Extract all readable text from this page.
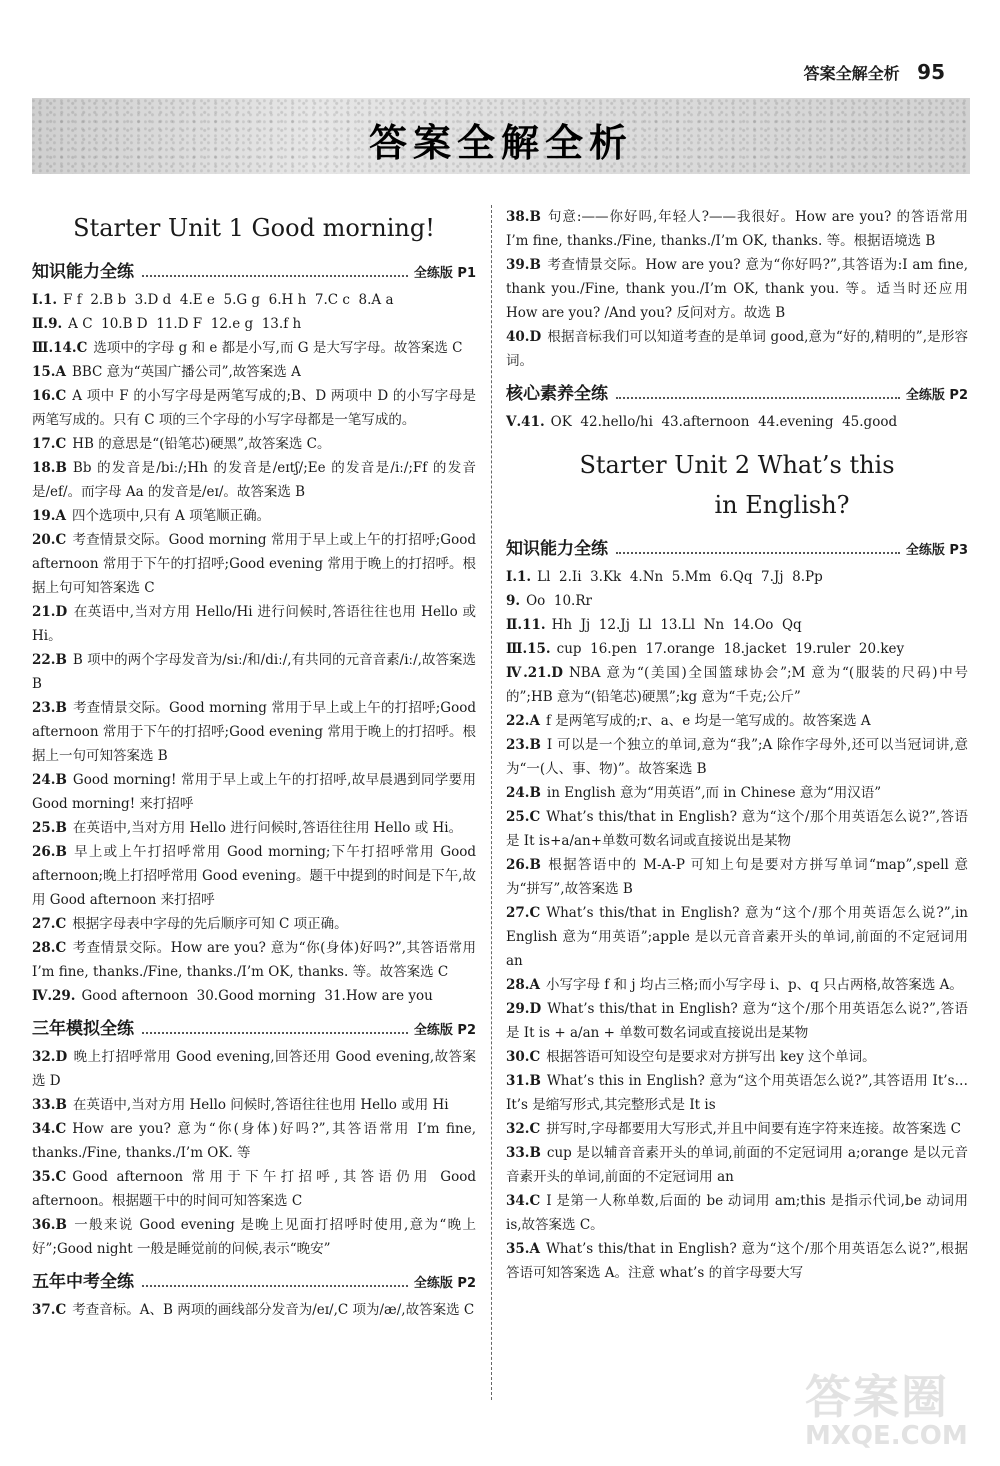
答案全解全析 95
答案全解全析
Starter Unit 1 Good morning!
知识能力全练	全练版 P1
Ⅰ.1. F f  2.B b  3.D d  4.E e  5.G g  6.H h  7.C c  8.A a
Ⅱ.9. A C  10.B D  11.D F  12.e g  13.f h
Ⅲ.14.C 选项中的字母 g 和 e 都是小写,而 G 是大写字母。故答案选 C
15.A BBC 意为“英国广播公司”,故答案选 A
16.C A 项中 F 的小写字母是两笔写成的;B、D 两项中 D 的小写字母是两笔写成的。只有 C 项的三个字母的小写字母都是一笔写成的。
17.C HB 的意思是“(铅笔芯)硬黑”,故答案选 C。
18.B Bb 的发音是/biː/;Hh 的发音是/eɪtʃ/;Ee 的发音是/iː/;Ff 的发音是/ef/。而字母 Aa 的发音是/eɪ/。故答案选 B
19.A 四个选项中,只有 A 项笔顺正确。
20.C 考查情景交际。Good morning 常用于早上或上午的打招呼;Good afternoon 常用于下午的打招呼;Good evening 常用于晚上的打招呼。根据上句可知答案选 C
21.D 在英语中,当对方用 Hello/Hi 进行问候时,答语往往也用 Hello 或 Hi。
22.B B 项中的两个字母发音为/siː/和/diː/,有共同的元音音素/iː/,故答案选 B
23.B 考查情景交际。Good morning 常用于早上或上午的打招呼;Good afternoon 常用于下午的打招呼;Good evening 常用于晚上的打招呼。根据上一句可知答案选 B
24.B Good morning! 常用于早上或上午的打招呼,故早晨遇到同学要用 Good morning! 来打招呼
25.B 在英语中,当对方用 Hello 进行问候时,答语往往用 Hello 或 Hi。
26.B 早上或上午打招呼常用 Good morning;下午打招呼常用 Good afternoon;晚上打招呼常用 Good evening。题干中提到的时间是下午,故用 Good afternoon 来打招呼
27.C 根据字母表中字母的先后顺序可知 C 项正确。
28.C 考查情景交际。How are you? 意为“你(身体)好吗?”,其答语常用 I’m fine, thanks./Fine, thanks./I’m OK, thanks. 等。故答案选 C
Ⅳ.29. Good afternoon  30.Good morning  31.How are you
三年模拟全练	全练版 P2
32.D 晚上打招呼常用 Good evening,回答还用 Good evening,故答案选 D
33.B 在英语中,当对方用 Hello 问候时,答语往往也用 Hello 或用 Hi
34.C How are you? 意为“你(身体)好吗?”,其答语常用 I’m fine, thanks./Fine, thanks./I’m OK. 等
35.C Good afternoon 常用于下午打招呼,其答语仍用 Good afternoon。根据题干中的时间可知答案选 C
36.B 一般来说 Good evening 是晚上见面打招呼时使用,意为“晚上好”;Good night 一般是睡觉前的问候,表示“晚安”
五年中考全练	全练版 P2
37.C 考查音标。A、B 两项的画线部分发音为/eɪ/,C 项为/æ/,故答案选 C
38.B 句意:——你好吗,年轻人?——我很好。How are you? 的答语常用 I’m fine, thanks./Fine, thanks./I’m OK, thanks. 等。根据语境选 B
39.B 考查情景交际。How are you? 意为“你好吗?”,其答语为:I am fine, thank you./Fine, thank you./I’m OK, thank you. 等。适当时还应用 How are you? /And you? 反问对方。故选 B
40.D 根据音标我们可以知道考查的是单词 good,意为“好的,精明的”,是形容词。
核心素养全练	全练版 P2
Ⅴ.41. OK  42.hello/hi  43.afternoon  44.evening  45.good
Starter Unit 2 What’s this
in English?
知识能力全练	全练版 P3
Ⅰ.1. Ll  2.Ii  3.Kk  4.Nn  5.Mm  6.Qq  7.Jj  8.Pp
9. Oo  10.Rr
Ⅱ.11. Hh  Jj  12.Jj  Ll  13.Ll  Nn  14.Oo  Qq
Ⅲ.15. cup  16.pen  17.orange  18.jacket  19.ruler  20.key
Ⅳ.21.D NBA 意为“(美国)全国篮球协会”;M 意为“(服装的尺码)中号的”;HB 意为“(铅笔芯)硬黑”;kg 意为“千克;公斤”
22.A f 是两笔写成的;r、a、e 均是一笔写成的。故答案选 A
23.B I 可以是一个独立的单词,意为“我”;A 除作字母外,还可以当冠词讲,意为“一(人、事、物)”。故答案选 B
24.B in English 意为“用英语”,而 in Chinese 意为“用汉语”
25.C What’s this/that in English? 意为“这个/那个用英语怎么说?”,答语是 It is+a/an+单数可数名词或直接说出是某物
26.B 根据答语中的 M-A-P 可知上句是要对方拼写单词“map”,spell 意为“拼写”,故答案选 B
27.C What’s this/that in English? 意为“这个/那个用英语怎么说?”,in English 意为“用英语”;apple 是以元音音素开头的单词,前面的不定冠词用 an
28.A 小写字母 f 和 j 均占三格;而小写字母 i、p、q 只占两格,故答案选 A。
29.D What’s this/that in English? 意为“这个/那个用英语怎么说?”,答语是 It is + a/an + 单数可数名词或直接说出是某物
30.C 根据答语可知设空句是要求对方拼写出 key 这个单词。
31.B What’s this in English? 意为“这个用英语怎么说?”,其答语用 It’s… It’s 是缩写形式,其完整形式是 It is
32.C 拼写时,字母都要用大写形式,并且中间要有连字符来连接。故答案选 C
33.B cup 是以辅音音素开头的单词,前面的不定冠词用 a;orange 是以元音音素开头的单词,前面的不定冠词用 an
34.C I 是第一人称单数,后面的 be 动词用 am;this 是指示代词,be 动词用 is,故答案选 C。
35.A What’s this/that in English? 意为“这个/那个用英语怎么说?”,根据答语可知答案选 A。注意 what’s 的首字母要大写
答案圈
MXQE.COM
